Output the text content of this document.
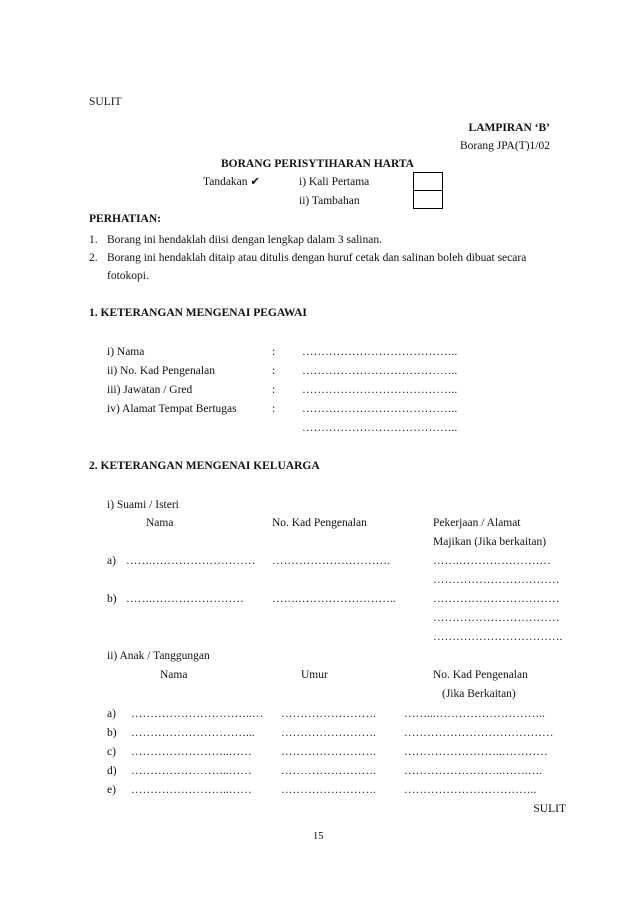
SULIT
LAMPIRAN ‘B’
Borang JPA(T)1/02
BORANG PERISYTIHARAN HARTA
Tandakan ✔	i) Kali Pertama
ii) Tambahan
PERHATIAN:
1. Borang ini hendaklah diisi dengan lengkap dalam 3 salinan.
2. Borang ini hendaklah ditaip atau ditulis dengan huruf cetak dan salinan boleh dibuat secara
fotokopi.
1. KETERANGAN MENGENAI PEGAWAI
i) Nama	: …………………………………..
ii) No. Kad Pengenalan	: …………………………………..
iii) Jawatan / Gred	: …………………………………..
iv) Alamat Tempat Bertugas	: …………………………………..
…………………………………..
2. KETERANGAN MENGENAI KELUARGA
i) Suami / Isteri
Nama	No. Kad Pengenalan	Pekerjaan / Alamat
Majikan (Jika berkaitan)
a) …….……………………… ………………………….	…….……………………
……………………………
b) …….…………………… …….……………………..	……………………………
……………………………
…………………………….
ii) Anak / Tanggungan
Nama	Umur	No. Kad Pengenalan
(Jika Berkaitan)
a) …………………………..… ……………………. ……...………………………..
b) …………………………... ……………………. …………………………………
c) ……………………..……	……………………. ……………………..…………
d) ……………………..……	……………………. ……………………..…….….
e) ……………………..……	……………………. ……………………………..
SULIT
15
